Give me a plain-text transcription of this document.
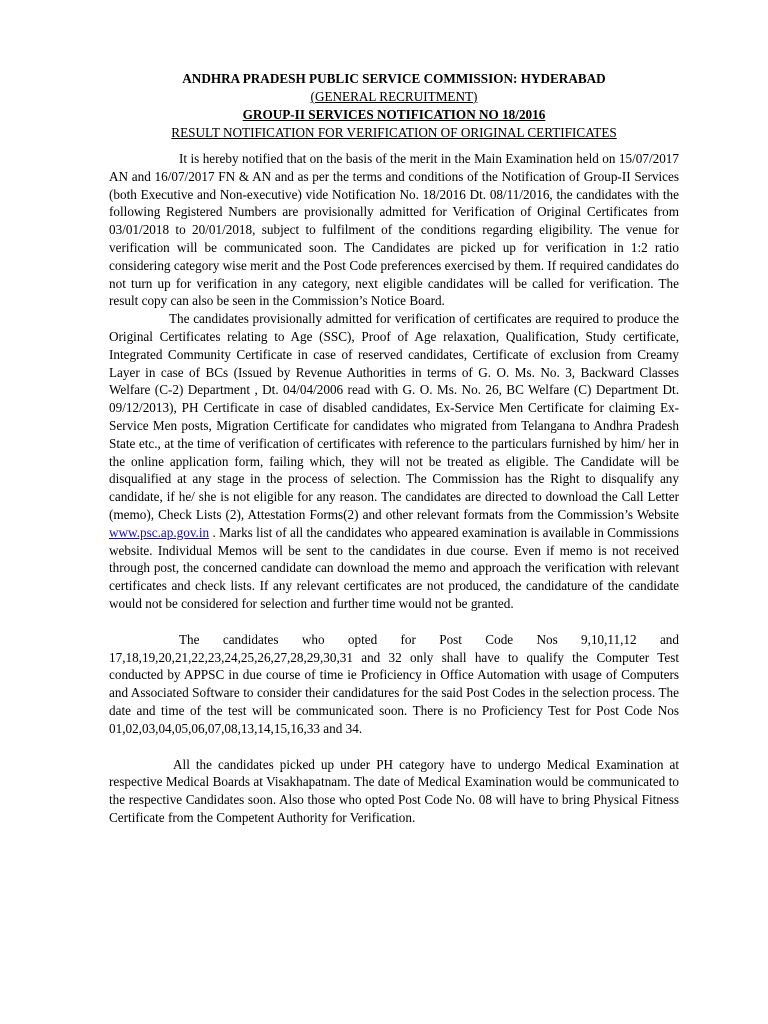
ANDHRA PRADESH PUBLIC SERVICE COMMISSION: HYDERABAD
(GENERAL RECRUITMENT)
GROUP-II SERVICES NOTIFICATION NO 18/2016
RESULT NOTIFICATION FOR VERIFICATION OF ORIGINAL CERTIFICATES

It is hereby notified that on the basis of the merit in the Main Examination held on 15/07/2017 AN and 16/07/2017 FN & AN and as per the terms and conditions of the Notification of Group-II Services (both Executive and Non-executive) vide Notification No. 18/2016 Dt. 08/11/2016, the candidates with the following Registered Numbers are provisionally admitted for Verification of Original Certificates from 03/01/2018 to 20/01/2018, subject to fulfilment of the conditions regarding eligibility. The venue for verification will be communicated soon. The Candidates are picked up for verification in 1:2 ratio considering category wise merit and the Post Code preferences exercised by them. If required candidates do not turn up for verification in any category, next eligible candidates will be called for verification. The result copy can also be seen in the Commission’s Notice Board.

The candidates provisionally admitted for verification of certificates are required to produce the Original Certificates relating to Age (SSC), Proof of Age relaxation, Qualification, Study certificate, Integrated Community Certificate in case of reserved candidates, Certificate of exclusion from Creamy Layer in case of BCs (Issued by Revenue Authorities in terms of G. O. Ms. No. 3, Backward Classes Welfare (C-2) Department , Dt. 04/04/2006 read with G. O. Ms. No. 26, BC Welfare (C) Department Dt. 09/12/2013), PH Certificate in case of disabled candidates, Ex-Service Men Certificate for claiming Ex-Service Men posts, Migration Certificate for candidates who migrated from Telangana to Andhra Pradesh State etc., at the time of verification of certificates with reference to the particulars furnished by him/ her in the online application form, failing which, they will not be treated as eligible. The Candidate will be disqualified at any stage in the process of selection. The Commission has the Right to disqualify any candidate, if he/ she is not eligible for any reason. The candidates are directed to download the Call Letter (memo), Check Lists (2), Attestation Forms(2) and other relevant formats from the Commission’s Website www.psc.ap.gov.in . Marks list of all the candidates who appeared examination is available in Commissions website. Individual Memos will be sent to the candidates in due course. Even if memo is not received through post, the concerned candidate can download the memo and approach the verification with relevant certificates and check lists. If any relevant certificates are not produced, the candidature of the candidate would not be considered for selection and further time would not be granted.

The candidates who opted for Post Code Nos 9,10,11,12 and 17,18,19,20,21,22,23,24,25,26,27,28,29,30,31 and 32 only shall have to qualify the Computer Test conducted by APPSC in due course of time ie Proficiency in Office Automation with usage of Computers and Associated Software to consider their candidatures for the said Post Codes in the selection process. The date and time of the test will be communicated soon. There is no Proficiency Test for Post Code Nos 01,02,03,04,05,06,07,08,13,14,15,16,33 and 34.

All the candidates picked up under PH category have to undergo Medical Examination at respective Medical Boards at Visakhapatnam. The date of Medical Examination would be communicated to the respective Candidates soon. Also those who opted Post Code No. 08 will have to bring Physical Fitness Certificate from the Competent Authority for Verification.
